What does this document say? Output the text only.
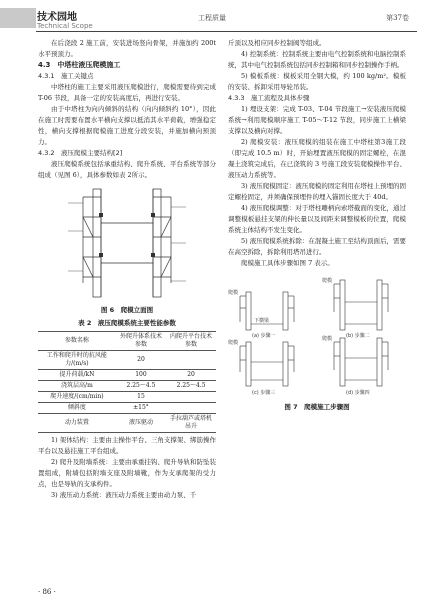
技术园地
Technical Scope
工程质量	第37卷

在后浇段 2 施工前，安装进场竖向骨架，并施加约 200t 水平预顶力。

4.3　中塔柱液压爬模施工

4.3.1　施工关键点

中塔柱的施工主要采用液压爬模进行，爬模需要待到完成 T-06 节段，具备一定的安装高度后，再进行安装。

由于中塔柱为向内倾斜的结构（向内倾斜约 10°），因此在施工时需要布置水平横向支撑以抵消其水平荷载，增强稳定性，横向支撑根据爬模施工进度分段安装，并施加横向预顶力。

4.3.2　液压爬模主要结构[2]

液压爬模系统包括承重结构、爬升系统、平台系统等部分组成（见图 6），具体参数如表 2所示。

图 6　爬模立面图
表 2　液压爬模系统主要性能参数
参数名称	外爬升体系技术参数	内爬升平台技术参数
工作和爬升时的抗风能力/(m/s)	20	
提升荷载/kN	100	20
浇筑层高/m	2.25～4.5	2.25～4.5
爬升速度/(cm/min)	15	
倾斜度	±15°	
动力装置	液压驱动	手拉葫芦或塔机吊升

1) 架体结构：主要由主操作平台、三角支撑架、绑筋操作平台以及悬挂施工平台组成。

2) 爬升及附墙系统：主要由承重挂钩、爬升导轨和防坠装置组成，附墙包括附墙支座及附墙靴，作为支承爬架的受力点，也是导轨的支承构件。

3) 液压动力系统：液压动力系统主要由动力泵、千

斤顶以及相应同步控制阀等组成。

4) 控制系统：控制系统主要由电气控制系统和电脑控制系统，其中电气控制系统包括同步控制箱和同步控制操作手柄。

5) 模板系统：模板采用全钢大模，约 100 kg/m²。模板的安装、拆卸采用导轮吊装。

4.3.3　施工流程及具体步骤

1) 埋设支架：完成 T-03、T-04 节段施工→安装液压爬模系统→利用爬模顺序施工 T-05～T-12 节段，同步施工上横梁支撑以及横向对撑。

2) 爬模安装：液压爬模的组装在施工中塔柱第3施工段（即完成 10.5 m）时，开始埋置液压爬模的固定螺栓，在混凝土浇筑完成后，在已浇筑的 3 号施工段安装爬模操作平台、液压动力系统等。

3) 液压爬模固定：液压爬模的固定利用在塔柱上预埋的固定螺栓固定，并须确保预埋件的埋入锚固长度大于 40d。

4) 液压爬模调整：对于塔柱雕柄向索塔截面的变化，通过调整模板悬挂支架的伸长量以及间距来调整模板的位置，爬模系统主体结构不发生变化。

5) 液压爬模系统拆除：在混凝土施工至结构顶面后，需要在高空拆除，拆除利用塔吊进行。

爬模施工具体步骤如图 7 表示。

下横梁
爬模
爬模
爬模
爬模
(a) 步骤一	(b) 步骤二
(c) 步骤三	(d) 步骤四
图 7　爬模施工步骤图
· 86 ·
